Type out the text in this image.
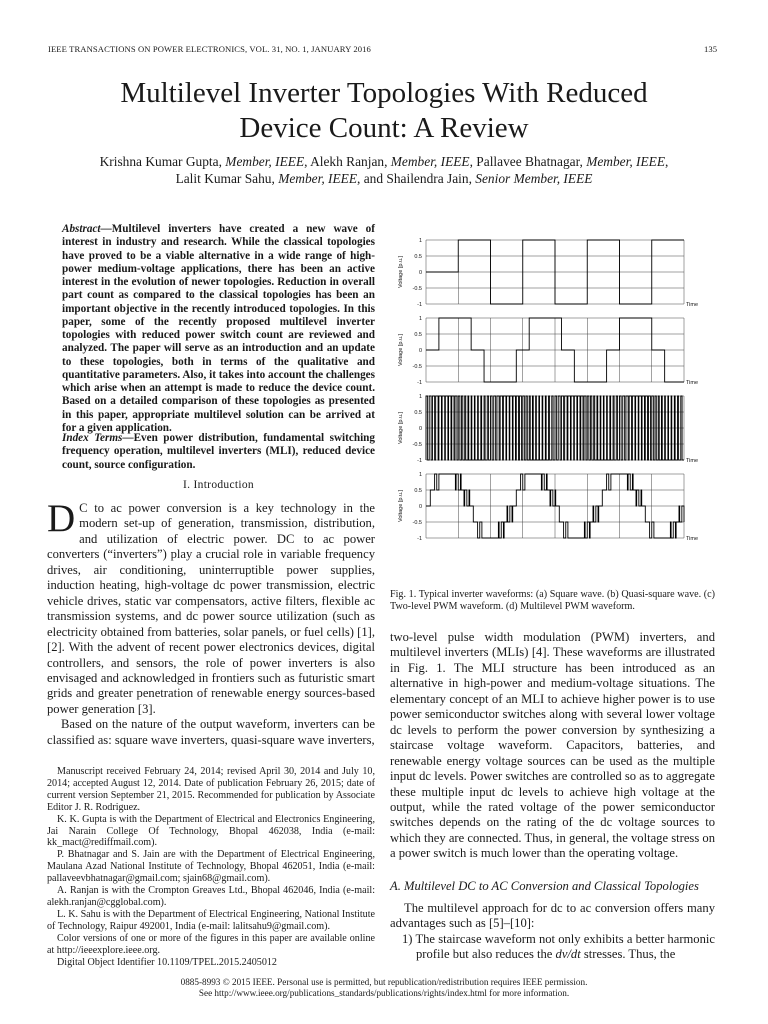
IEEE TRANSACTIONS ON POWER ELECTRONICS, VOL. 31, NO. 1, JANUARY 2016	135
Multilevel Inverter Topologies With Reduced
Device Count: A Review
Krishna Kumar Gupta, Member, IEEE, Alekh Ranjan, Member, IEEE, Pallavee Bhatnagar, Member, IEEE,
Lalit Kumar Sahu, Member, IEEE, and Shailendra Jain, Senior Member, IEEE
Abstract—Multilevel inverters have created a new wave of interest in industry and research. While the classical topologies have proved to be a viable alternative in a wide range of high-power medium-voltage applications, there has been an active interest in the evolution of newer topologies. Reduction in overall part count as compared to the classical topologies has been an important objective in the recently introduced topologies. In this paper, some of the recently proposed multilevel inverter topologies with reduced power switch count are reviewed and analyzed. The paper will serve as an introduction and an update to these topologies, both in terms of the qualitative and quantitative parameters. Also, it takes into account the challenges which arise when an attempt is made to reduce the device count. Based on a detailed comparison of these topologies as presented in this paper, appropriate multilevel solution can be arrived at for a given application.
Index Terms—Even power distribution, fundamental switching frequency operation, multilevel inverters (MLI), reduced device count, source configuration.
I. Introduction

D C to ac power conversion is a key technology in the modern set-up of generation, transmission, distribution, and utilization of electric power. DC to ac power converters (“inverters”) play a crucial role in variable frequency drives, air conditioning, uninterruptible power supplies, induction heating, high-voltage dc power transmission, electric vehicle drives, static var compensators, active filters, flexible ac transmission systems, and dc power source utilization (such as electricity obtained from batteries, solar panels, or fuel cells) [1], [2]. With the advent of recent power electronics devices, digital controllers, and sensors, the role of power inverters is also envisaged and acknowledged in frontiers such as futuristic smart grids and greater penetration of renewable energy sources-based power generation [3].

Based on the nature of the output waveform, inverters can be classified as: square wave inverters, quasi-square wave inverters,

Manuscript received February 24, 2014; revised April 30, 2014 and July 10, 2014; accepted August 12, 2014. Date of publication February 26, 2015; date of current version September 21, 2015. Recommended for publication by Associate Editor J. R. Rodriguez.

K. K. Gupta is with the Department of Electrical and Electronics Engineering, Jai Narain College Of Technology, Bhopal 462038, India (e-mail: kk_mact@rediffmail.com).

P. Bhatnagar and S. Jain are with the Department of Electrical Engineering, Maulana Azad National Institute of Technology, Bhopal 462051, India (e-mail: pallaveevbhatnagar@gmail.com; sjain68@gmail.com).

A. Ranjan is with the Crompton Greaves Ltd., Bhopal 462046, India (e-mail: alekh.ranjan@cgglobal.com).

L. K. Sahu is with the Department of Electrical Engineering, National Institute of Technology, Raipur 492001, India (e-mail: lalitsahu9@gmail.com).

Color versions of one or more of the figures in this paper are available online at http://ieeexplore.ieee.org.

Digital Object Identifier 10.1109/TPEL.2015.2405012

1
0.5
0
-0.5
-1
Voltage [p.u.]
Time
1
0.5
0
-0.5
-1
Voltage [p.u.]
Time
1
0.5
0
-0.5
-1
Voltage [p.u.]
Time
1
0.5
0
-0.5
-1
Voltage [p.u.]
Time
Fig. 1. Typical inverter waveforms: (a) Square wave. (b) Quasi-square wave. (c) Two-level PWM waveform. (d) Multilevel PWM waveform.
two-level pulse width modulation (PWM) inverters, and multilevel inverters (MLIs) [4]. These waveforms are illustrated in Fig. 1. The MLI structure has been introduced as an alternative in high-power and medium-voltage situations. The elementary concept of an MLI to achieve higher power is to use power semiconductor switches along with several lower voltage dc levels to perform the power conversion by synthesizing a staircase voltage waveform. Capacitors, batteries, and renewable energy voltage sources can be used as the multiple input dc levels. Power switches are controlled so as to aggregate these multiple input dc levels to achieve high voltage at the output, while the rated voltage of the power semiconductor switches depends on the rating of the dc voltage sources to which they are connected. Thus, in general, the voltage stress on a power switch is much lower than the operating voltage.
A. Multilevel DC to AC Conversion and Classical Topologies

The multilevel approach for dc to ac conversion offers many advantages such as [5]–[10]:

1) The staircase waveform not only exhibits a better harmonic profile but also reduces the dv/dt stresses. Thus, the

0885-8993 © 2015 IEEE. Personal use is permitted, but republication/redistribution requires IEEE permission.
See http://www.ieee.org/publications_standards/publications/rights/index.html for more information.
